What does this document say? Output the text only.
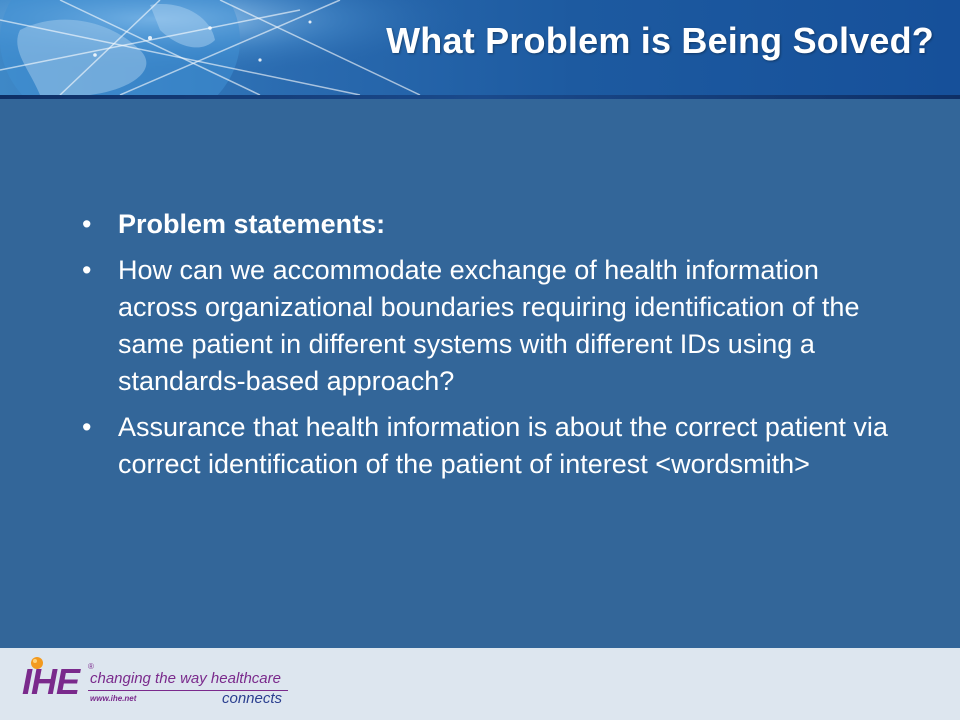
What Problem is Being Solved?
• Problem statements:
• How can we accommodate exchange of health information across organizational boundaries requiring identification of the same patient in different systems with different IDs using a standards-based approach?
• Assurance that health information is about the correct patient via correct identification of the patient of interest <wordsmith>
IHE ®
changing the way healthcare
www.ihe.net	connects
